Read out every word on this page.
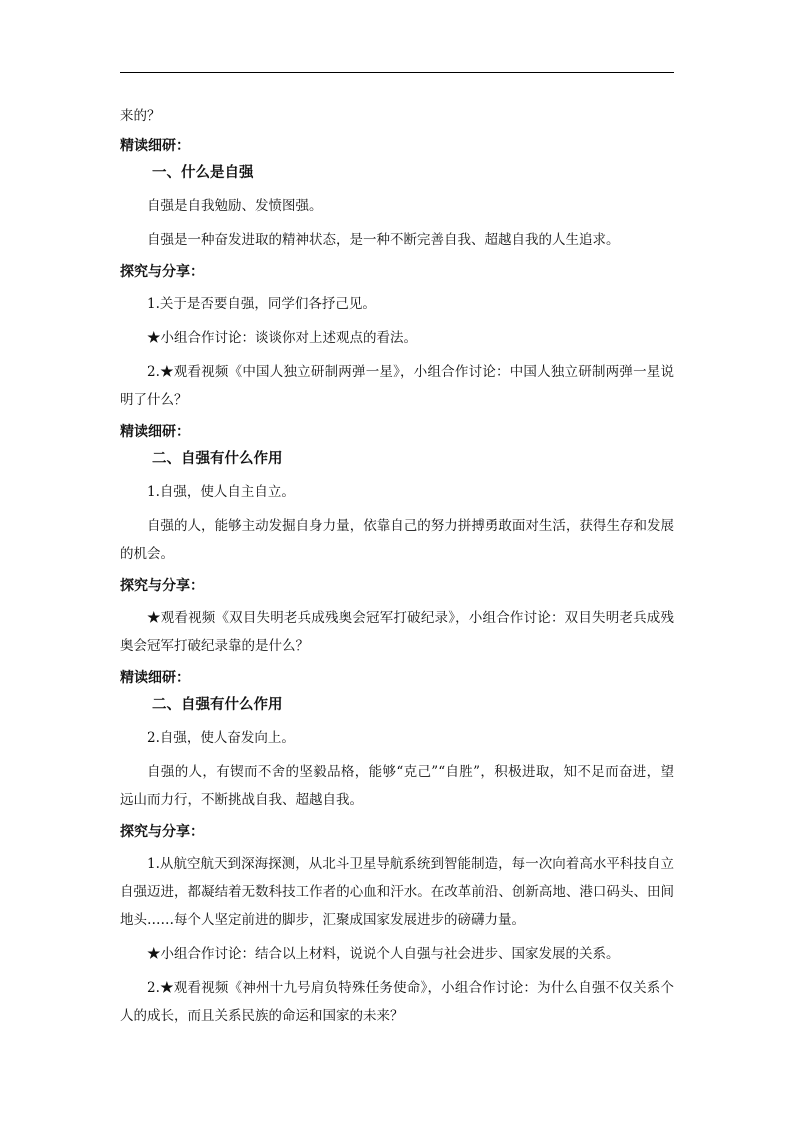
来的？

精读细研：
一、什么是自强

自强是自我勉励、发愤图强。

自强是一种奋发进取的精神状态，是一种不断完善自我、超越自我的人生追求。

探究与分享：

1.关于是否要自强，同学们各抒己见。

★小组合作讨论：谈谈你对上述观点的看法。

2.★观看视频《中国人独立研制两弹一星》，小组合作讨论：中国人独立研制两弹一星说明了什么？

精读细研：
二、自强有什么作用

1.自强，使人自主自立。

自强的人，能够主动发掘自身力量，依靠自己的努力拼搏勇敢面对生活，获得生存和发展的机会。

探究与分享：

★观看视频《双目失明老兵成残奥会冠军打破纪录》，小组合作讨论：双目失明老兵成残奥会冠军打破纪录靠的是什么？

精读细研：
二、自强有什么作用

2.自强，使人奋发向上。

自强的人，有锲而不舍的坚毅品格，能够“克己”“自胜”，积极进取，知不足而奋进，望远山而力行，不断挑战自我、超越自我。

探究与分享：

1.从航空航天到深海探测，从北斗卫星导航系统到智能制造，每一次向着高水平科技自立自强迈进，都凝结着无数科技工作者的心血和汗水。在改革前沿、创新高地、港口码头、田间地头……每个人坚定前进的脚步，汇聚成国家发展进步的磅礴力量。

★小组合作讨论：结合以上材料，说说个人自强与社会进步、国家发展的关系。

2.★观看视频《神州十九号肩负特殊任务使命》，小组合作讨论：为什么自强不仅关系个人的成长，而且关系民族的命运和国家的未来？
